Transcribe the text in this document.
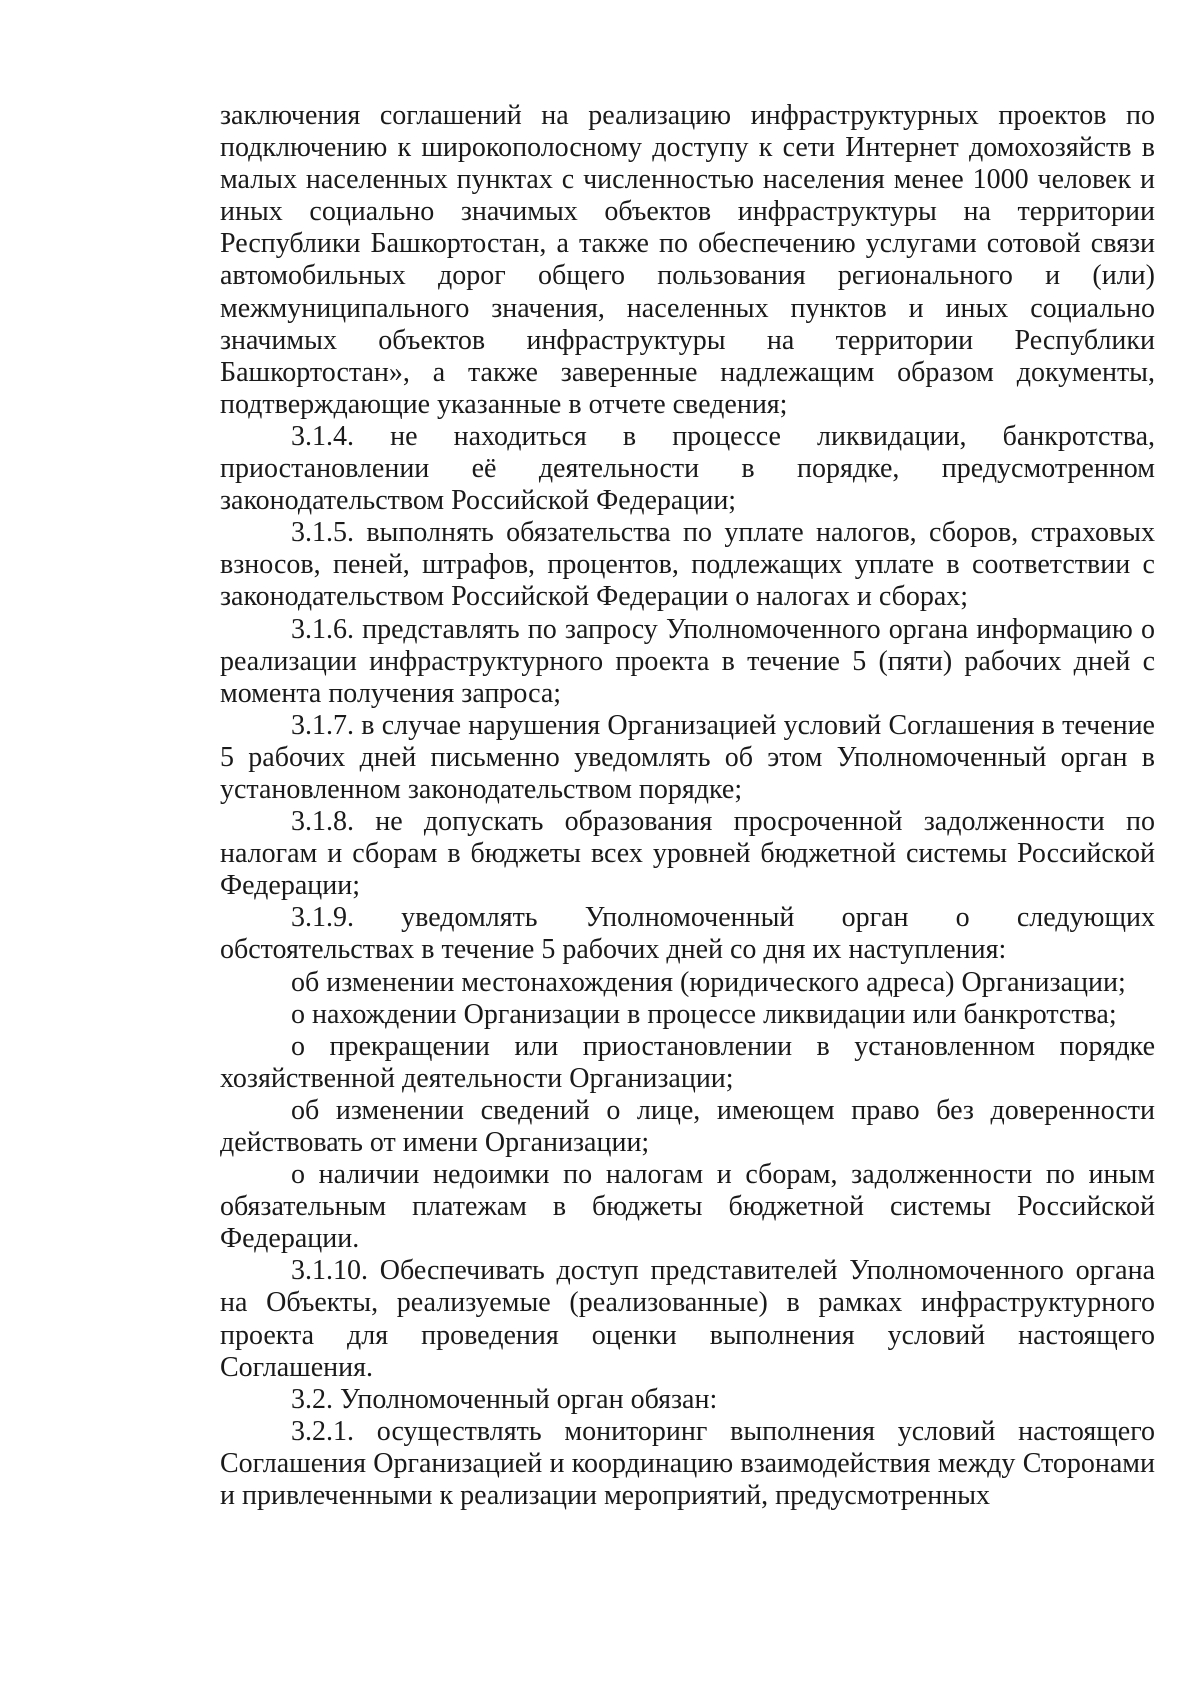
заключения соглашений на реализацию инфраструктурных проектов по подключению к широкополосному доступу к сети Интернет домохозяйств в малых населенных пунктах с численностью населения менее 1000 человек и иных социально значимых объектов инфраструктуры на территории Республики Башкортостан, а также по обеспечению услугами сотовой связи автомобильных дорог общего пользования регионального и (или) межмуниципального значения, населенных пунктов и иных социально значимых объектов инфраструктуры на территории Республики Башкортостан», а также заверенные надлежащим образом документы, подтверждающие указанные в отчете сведения;

3.1.4. не находиться в процессе ликвидации, банкротства, приостановлении её деятельности в порядке, предусмотренном законодательством Российской Федерации;

3.1.5. выполнять обязательства по уплате налогов, сборов, страховых взносов, пеней, штрафов, процентов, подлежащих уплате в соответствии с законодательством Российской Федерации о налогах и сборах;

3.1.6. представлять по запросу Уполномоченного органа информацию о реализации инфраструктурного проекта в течение 5 (пяти) рабочих дней с момента получения запроса;

3.1.7. в случае нарушения Организацией условий Соглашения в течение 5 рабочих дней письменно уведомлять об этом Уполномоченный орган в установленном законодательством порядке;

3.1.8. не допускать образования просроченной задолженности по налогам и сборам в бюджеты всех уровней бюджетной системы Российской Федерации;

3.1.9. уведомлять Уполномоченный орган о следующих обстоятельствах в течение 5 рабочих дней со дня их наступления:

об изменении местонахождения (юридического адреса) Организации;

о нахождении Организации в процессе ликвидации или банкротства;

о прекращении или приостановлении в установленном порядке хозяйственной деятельности Организации;

об изменении сведений о лице, имеющем право без доверенности действовать от имени Организации;

о наличии недоимки по налогам и сборам, задолженности по иным обязательным платежам в бюджеты бюджетной системы Российской Федерации.

3.1.10. Обеспечивать доступ представителей Уполномоченного органа на Объекты, реализуемые (реализованные) в рамках инфраструктурного проекта для проведения оценки выполнения условий настоящего Соглашения.

3.2. Уполномоченный орган обязан:

3.2.1. осуществлять мониторинг выполнения условий настоящего Соглашения Организацией и координацию взаимодействия между Сторонами и привлеченными к реализации мероприятий, предусмотренных
